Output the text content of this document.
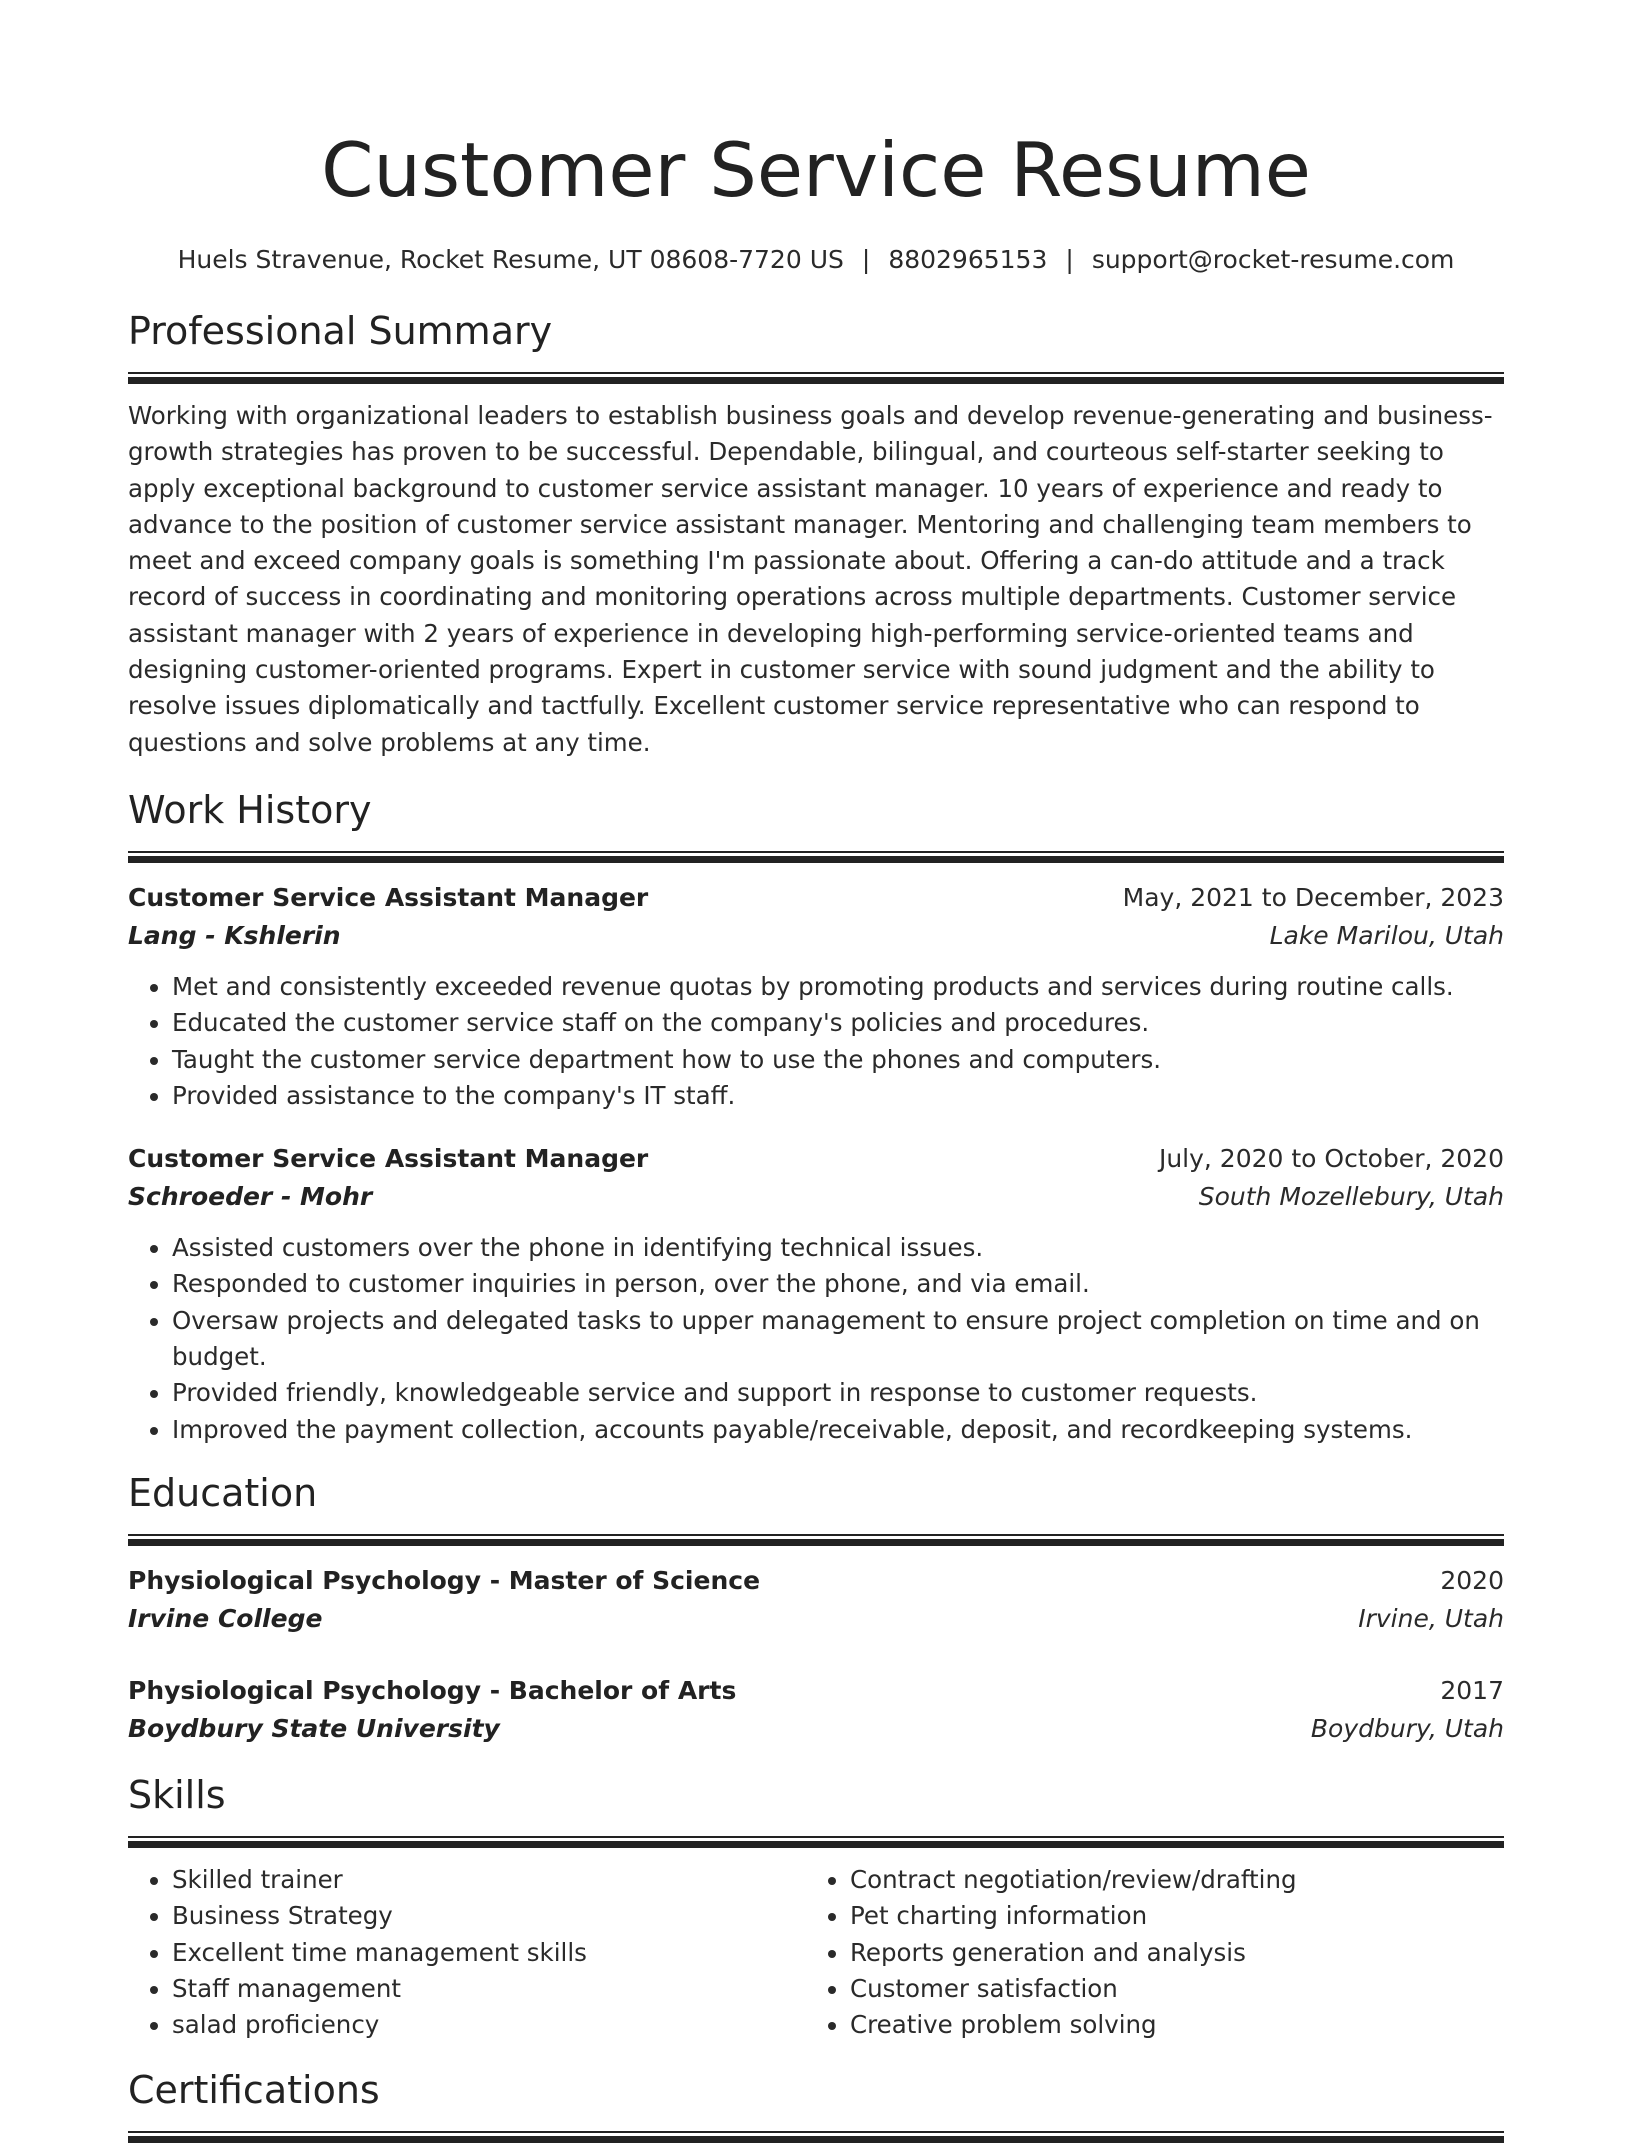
Customer Service Resume
Huels Stravenue, Rocket Resume, UT 08608-7720 US | 8802965153 | support@rocket-resume.com
Professional Summary
Working with organizational leaders to establish business goals and develop revenue-generating and business-growth strategies has proven to be successful. Dependable, bilingual, and courteous self-starter seeking to apply exceptional background to customer service assistant manager. 10 years of experience and ready to advance to the position of customer service assistant manager. Mentoring and challenging team members to meet and exceed company goals is something I'm passionate about. Offering a can-do attitude and a track record of success in coordinating and monitoring operations across multiple departments. Customer service assistant manager with 2 years of experience in developing high-performing service-oriented teams and designing customer-oriented programs. Expert in customer service with sound judgment and the ability to resolve issues diplomatically and tactfully. Excellent customer service representative who can respond to questions and solve problems at any time.
Work History
Customer Service Assistant Manager	May, 2021 to December, 2023
Lang - Kshlerin	Lake Marilou, Utah
• Met and consistently exceeded revenue quotas by promoting products and services during routine calls.
• Educated the customer service staff on the company's policies and procedures.
• Taught the customer service department how to use the phones and computers.
• Provided assistance to the company's IT staff.
Customer Service Assistant Manager	July, 2020 to October, 2020
Schroeder - Mohr	South Mozellebury, Utah
• Assisted customers over the phone in identifying technical issues.
• Responded to customer inquiries in person, over the phone, and via email.
• Oversaw projects and delegated tasks to upper management to ensure project completion on time and on budget.
• Provided friendly, knowledgeable service and support in response to customer requests.
• Improved the payment collection, accounts payable/receivable, deposit, and recordkeeping systems.
Education
Physiological Psychology - Master of Science	2020
Irvine College	Irvine, Utah
Physiological Psychology - Bachelor of Arts	2017
Boydbury State University	Boydbury, Utah
Skills
• Skilled trainer
• Business Strategy
• Excellent time management skills
• Staff management
• salad proficiency
• Contract negotiation/review/drafting
• Pet charting information
• Reports generation and analysis
• Customer satisfaction
• Creative problem solving
Certifications
